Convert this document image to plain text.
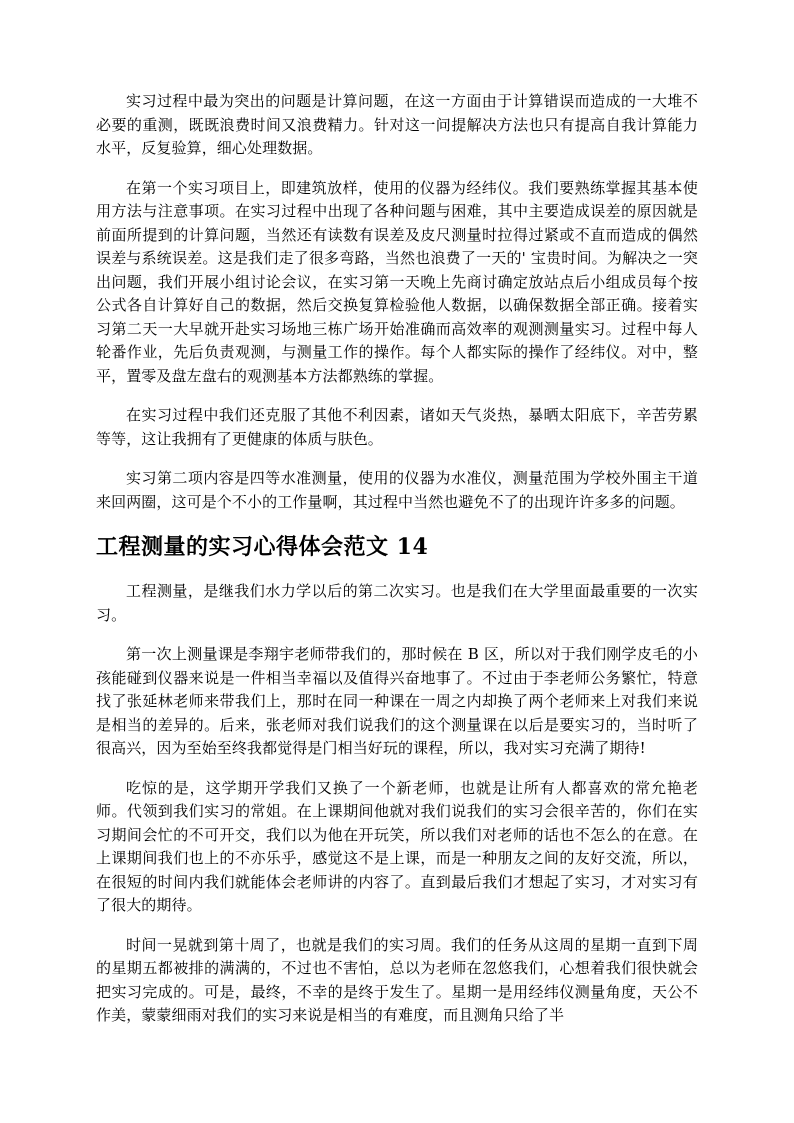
实习过程中最为突出的问题是计算问题，在这一方面由于计算错误而造成的一大堆不必要的重测，既既浪费时间又浪费精力。针对这一问提解决方法也只有提高自我计算能力水平，反复验算，细心处理数据。

在第一个实习项目上，即建筑放样，使用的仪器为经纬仪。我们要熟练掌握其基本使用方法与注意事项。在实习过程中出现了各种问题与困难，其中主要造成误差的原因就是前面所提到的计算问题，当然还有读数有误差及皮尺测量时拉得过紧或不直而造成的偶然误差与系统误差。这是我们走了很多弯路，当然也浪费了一天的' 宝贵时间。为解决之一突出问题，我们开展小组讨论会议，在实习第一天晚上先商讨确定放站点后小组成员每个按公式各自计算好自己的数据，然后交换复算检验他人数据，以确保数据全部正确。接着实习第二天一大早就开赴实习场地三栋广场开始准确而高效率的观测测量实习。过程中每人轮番作业，先后负责观测，与测量工作的操作。每个人都实际的操作了经纬仪。对中，整平，置零及盘左盘右的观测基本方法都熟练的掌握。

在实习过程中我们还克服了其他不利因素，诸如天气炎热，暴晒太阳底下，辛苦劳累等等，这让我拥有了更健康的体质与肤色。

实习第二项内容是四等水准测量，使用的仪器为水准仪，测量范围为学校外围主干道来回两圈，这可是个不小的工作量啊，其过程中当然也避免不了的出现许许多多的问题。

工程测量的实习心得体会范文 14

工程测量，是继我们水力学以后的第二次实习。也是我们在大学里面最重要的一次实习。

第一次上测量课是李翔宇老师带我们的，那时候在 B 区，所以对于我们刚学皮毛的小孩能碰到仪器来说是一件相当幸福以及值得兴奋地事了。不过由于李老师公务繁忙，特意找了张延林老师来带我们上，那时在同一种课在一周之内却换了两个老师来上对我们来说是相当的差异的。后来，张老师对我们说我们的这个测量课在以后是要实习的，当时听了很高兴，因为至始至终我都觉得是门相当好玩的课程，所以，我对实习充满了期待!

吃惊的是，这学期开学我们又换了一个新老师，也就是让所有人都喜欢的常允艳老师。代领到我们实习的常姐。在上课期间他就对我们说我们的实习会很辛苦的，你们在实习期间会忙的不可开交，我们以为他在开玩笑，所以我们对老师的话也不怎么的在意。在上课期间我们也上的不亦乐乎，感觉这不是上课，而是一种朋友之间的友好交流，所以，在很短的时间内我们就能体会老师讲的内容了。直到最后我们才想起了实习，才对实习有了很大的期待。

时间一晃就到第十周了，也就是我们的实习周。我们的任务从这周的星期一直到下周的星期五都被排的满满的，不过也不害怕，总以为老师在忽悠我们，心想着我们很快就会把实习完成的。可是，最终，不幸的是终于发生了。星期一是用经纬仪测量角度，天公不作美，蒙蒙细雨对我们的实习来说是相当的有难度，而且测角只给了半
